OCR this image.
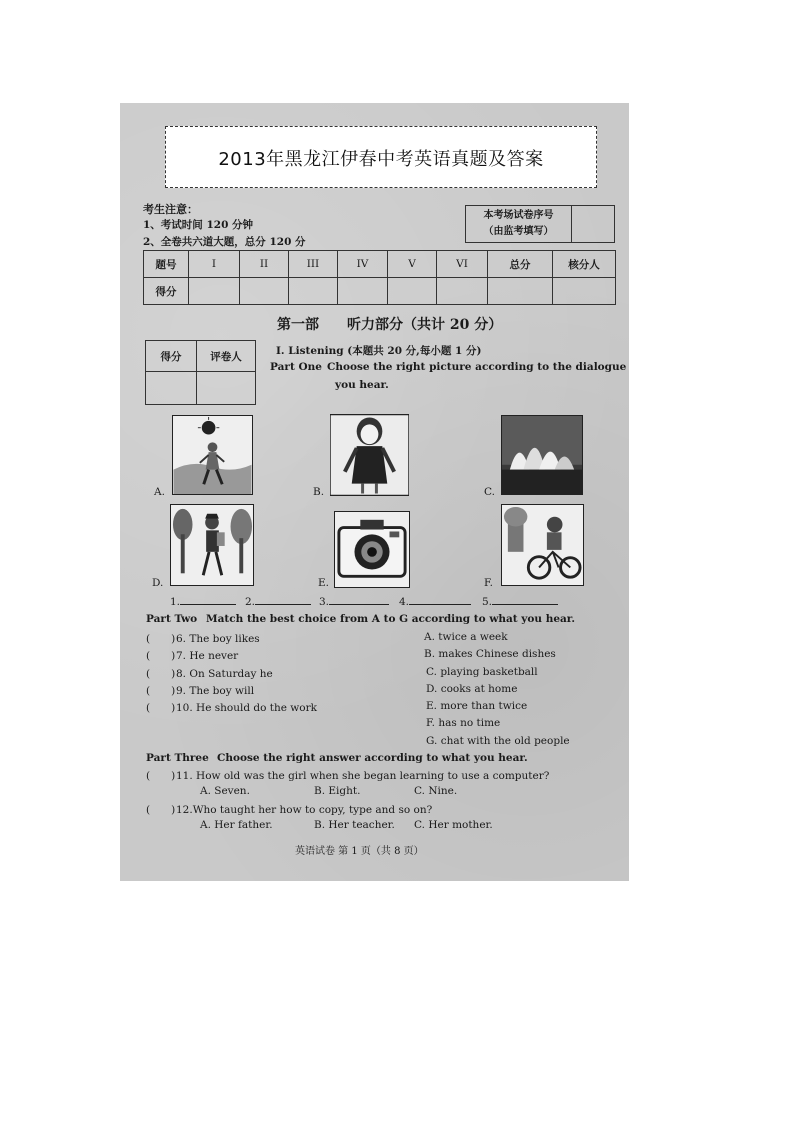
2013年黑龙江伊春中考英语真题及答案
考生注意：
1、考试时间 120 分钟
2、全卷共六道大题，总分 120 分
本考场试卷序号
（由监考填写）
题号	I	II	III	IV	V	VI	总分	核分人
得分								
第一部　　听力部分（共计 20 分）
得分	评卷人
		I. Listening (本题共 20 分,每小题 1 分)
Part One Choose the right picture according to the dialogue
you hear.
A.	B.	C.
D.	E.	F.
1.	2.	3.	4.	5.
Part Two Match the best choice from A to G according to what you hear.
(　　)6. The boy likes
(　　)7. He never
(　　)8. On Saturday he
(　　)9. The boy will
(　　)10. He should do the work
A. twice a week
B. makes Chinese dishes
C. playing basketball
D. cooks at home
E. more than twice
F. has no time
G. chat with the old people
Part Three Choose the right answer according to what you hear.
(　　)11. How old was the girl when she began learning to use a computer?
A. Seven.	B. Eight.	C. Nine.
(　　)12.Who taught her how to copy, type and so on?
A. Her father.	B. Her teacher. C. Her mother.
英语试卷 第 1 页（共 8 页）
